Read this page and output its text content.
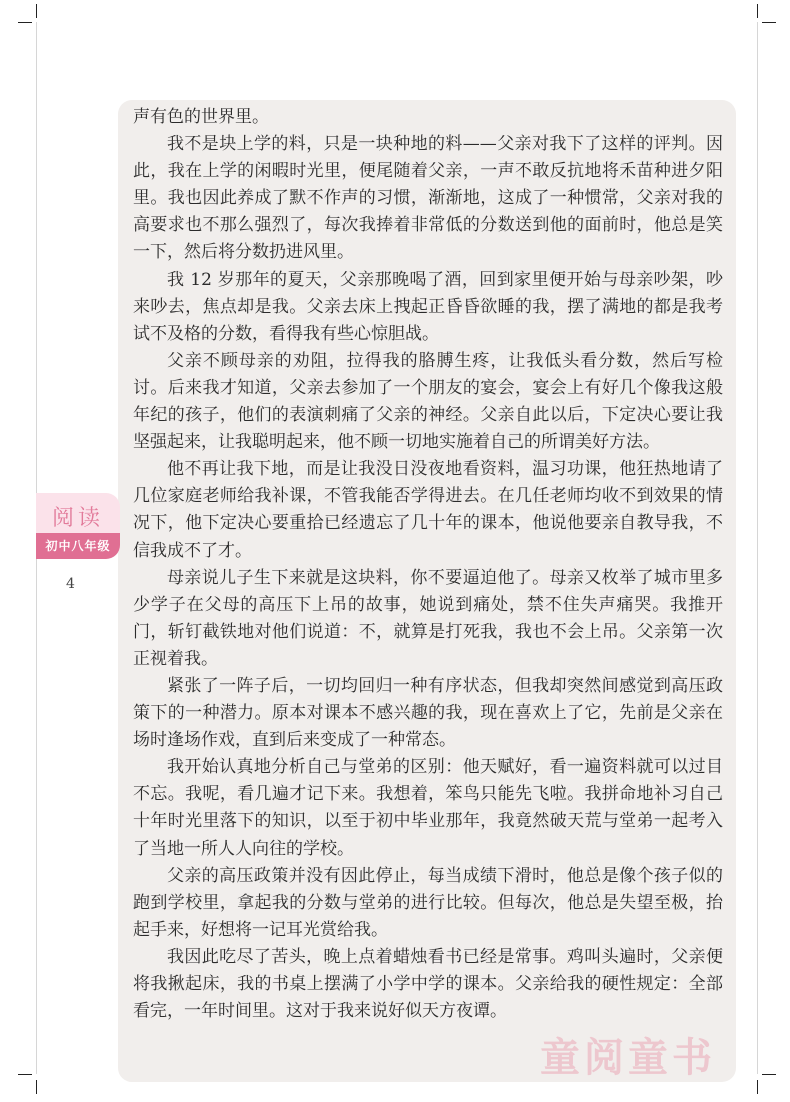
阅读
初中八年级
4

声有色的世界里。

我不是块上学的料，只是一块种地的料——父亲对我下了这样的评判。因此，我在上学的闲暇时光里，便尾随着父亲，一声不敢反抗地将禾苗种进夕阳里。我也因此养成了默不作声的习惯，渐渐地，这成了一种惯常，父亲对我的高要求也不那么强烈了，每次我捧着非常低的分数送到他的面前时，他总是笑一下，然后将分数扔进风里。

我 12 岁那年的夏天，父亲那晚喝了酒，回到家里便开始与母亲吵架，吵来吵去，焦点却是我。父亲去床上拽起正昏昏欲睡的我，摆了满地的都是我考试不及格的分数，看得我有些心惊胆战。

父亲不顾母亲的劝阻，拉得我的胳膊生疼，让我低头看分数，然后写检讨。后来我才知道，父亲去参加了一个朋友的宴会，宴会上有好几个像我这般年纪的孩子，他们的表演刺痛了父亲的神经。父亲自此以后，下定决心要让我坚强起来，让我聪明起来，他不顾一切地实施着自己的所谓美好方法。

他不再让我下地，而是让我没日没夜地看资料，温习功课，他狂热地请了几位家庭老师给我补课，不管我能否学得进去。在几任老师均收不到效果的情况下，他下定决心要重拾已经遗忘了几十年的课本，他说他要亲自教导我，不信我成不了才。

母亲说儿子生下来就是这块料，你不要逼迫他了。母亲又枚举了城市里多少学子在父母的高压下上吊的故事，她说到痛处，禁不住失声痛哭。我推开门，斩钉截铁地对他们说道：不，就算是打死我，我也不会上吊。父亲第一次正视着我。

紧张了一阵子后，一切均回归一种有序状态，但我却突然间感觉到高压政策下的一种潜力。原本对课本不感兴趣的我，现在喜欢上了它，先前是父亲在场时逢场作戏，直到后来变成了一种常态。

我开始认真地分析自己与堂弟的区别：他天赋好，看一遍资料就可以过目不忘。我呢，看几遍才记下来。我想着，笨鸟只能先飞啦。我拼命地补习自己十年时光里落下的知识，以至于初中毕业那年，我竟然破天荒与堂弟一起考入了当地一所人人向往的学校。

父亲的高压政策并没有因此停止，每当成绩下滑时，他总是像个孩子似的跑到学校里，拿起我的分数与堂弟的进行比较。但每次，他总是失望至极，抬起手来，好想将一记耳光赏给我。

我因此吃尽了苦头，晚上点着蜡烛看书已经是常事。鸡叫头遍时，父亲便将我揪起床，我的书桌上摆满了小学中学的课本。父亲给我的硬性规定：全部看完，一年时间里。这对于我来说好似天方夜谭。

童阅童书
